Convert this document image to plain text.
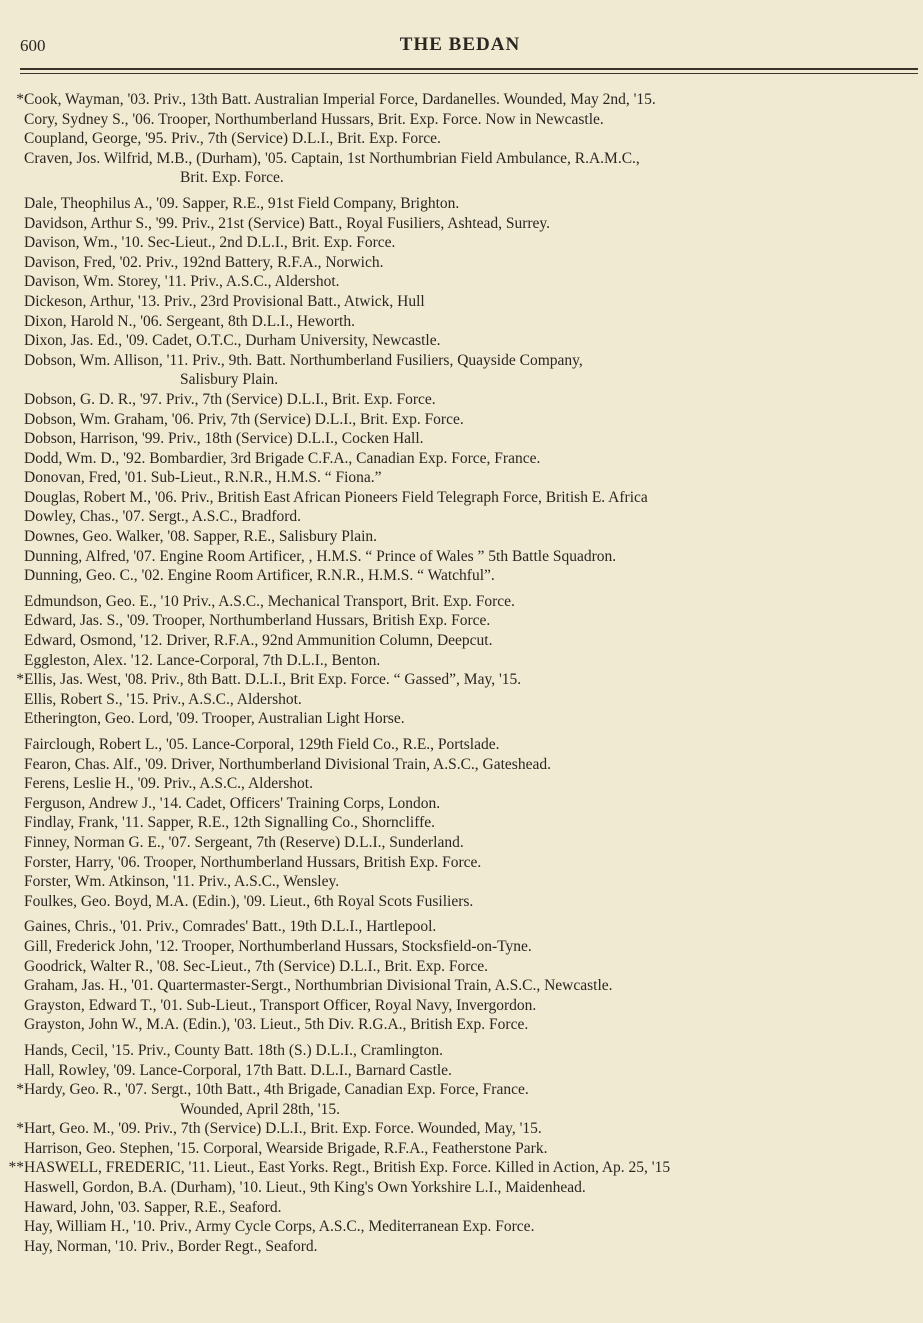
600	THE BEDAN
* Cook, Wayman, '03. Priv., 13th Batt. Australian Imperial Force, Dardanelles. Wounded, May 2nd, '15.
Cory, Sydney S., '06. Trooper, Northumberland Hussars, Brit. Exp. Force. Now in Newcastle.
Coupland, George, '95. Priv., 7th (Service) D.L.I., Brit. Exp. Force.
Craven, Jos. Wilfrid, M.B., (Durham), '05. Captain, 1st Northumbrian Field Ambulance, R.A.M.C.,
Brit. Exp. Force.
Dale, Theophilus A., '09. Sapper, R.E., 91st Field Company, Brighton.
Davidson, Arthur S., '99. Priv., 21st (Service) Batt., Royal Fusiliers, Ashtead, Surrey.
Davison, Wm., '10. Sec-Lieut., 2nd D.L.I., Brit. Exp. Force.
Davison, Fred, '02. Priv., 192nd Battery, R.F.A., Norwich.
Davison, Wm. Storey, '11. Priv., A.S.C., Aldershot.
Dickeson, Arthur, '13. Priv., 23rd Provisional Batt., Atwick, Hull
Dixon, Harold N., '06. Sergeant, 8th D.L.I., Heworth.
Dixon, Jas. Ed., '09. Cadet, O.T.C., Durham University, Newcastle.
Dobson, Wm. Allison, '11. Priv., 9th. Batt. Northumberland Fusiliers, Quayside Company,
Salisbury Plain.
Dobson, G. D. R., '97. Priv., 7th (Service) D.L.I., Brit. Exp. Force.
Dobson, Wm. Graham, '06. Priv, 7th (Service) D.L.I., Brit. Exp. Force.
Dobson, Harrison, '99. Priv., 18th (Service) D.L.I., Cocken Hall.
Dodd, Wm. D., '92. Bombardier, 3rd Brigade C.F.A., Canadian Exp. Force, France.
Donovan, Fred, '01. Sub-Lieut., R.N.R., H.M.S. “ Fiona.”
Douglas, Robert M., '06. Priv., British East African Pioneers Field Telegraph Force, British E. Africa
Dowley, Chas., '07. Sergt., A.S.C., Bradford.
Downes, Geo. Walker, '08. Sapper, R.E., Salisbury Plain.
Dunning, Alfred, '07. Engine Room Artificer, , H.M.S. “ Prince of Wales ” 5th Battle Squadron.
Dunning, Geo. C., '02. Engine Room Artificer, R.N.R., H.M.S. “ Watchful”.
Edmundson, Geo. E., '10 Priv., A.S.C., Mechanical Transport, Brit. Exp. Force.
Edward, Jas. S., '09. Trooper, Northumberland Hussars, British Exp. Force.
Edward, Osmond, '12. Driver, R.F.A., 92nd Ammunition Column, Deepcut.
Eggleston, Alex. '12. Lance-Corporal, 7th D.L.I., Benton.
* Ellis, Jas. West, '08. Priv., 8th Batt. D.L.I., Brit Exp. Force. “ Gassed”, May, '15.
Ellis, Robert S., '15. Priv., A.S.C., Aldershot.
Etherington, Geo. Lord, '09. Trooper, Australian Light Horse.
Fairclough, Robert L., '05. Lance-Corporal, 129th Field Co., R.E., Portslade.
Fearon, Chas. Alf., '09. Driver, Northumberland Divisional Train, A.S.C., Gateshead.
Ferens, Leslie H., '09. Priv., A.S.C., Aldershot.
Ferguson, Andrew J., '14. Cadet, Officers' Training Corps, London.
Findlay, Frank, '11. Sapper, R.E., 12th Signalling Co., Shorncliffe.
Finney, Norman G. E., '07. Sergeant, 7th (Reserve) D.L.I., Sunderland.
Forster, Harry, '06. Trooper, Northumberland Hussars, British Exp. Force.
Forster, Wm. Atkinson, '11. Priv., A.S.C., Wensley.
Foulkes, Geo. Boyd, M.A. (Edin.), '09. Lieut., 6th Royal Scots Fusiliers.
Gaines, Chris., '01. Priv., Comrades' Batt., 19th D.L.I., Hartlepool.
Gill, Frederick John, '12. Trooper, Northumberland Hussars, Stocksfield-on-Tyne.
Goodrick, Walter R., '08. Sec-Lieut., 7th (Service) D.L.I., Brit. Exp. Force.
Graham, Jas. H., '01. Quartermaster-Sergt., Northumbrian Divisional Train, A.S.C., Newcastle.
Grayston, Edward T., '01. Sub-Lieut., Transport Officer, Royal Navy, Invergordon.
Grayston, John W., M.A. (Edin.), '03. Lieut., 5th Div. R.G.A., British Exp. Force.
Hands, Cecil, '15. Priv., County Batt. 18th (S.) D.L.I., Cramlington.
Hall, Rowley, '09. Lance-Corporal, 17th Batt. D.L.I., Barnard Castle.
* Hardy, Geo. R., '07. Sergt., 10th Batt., 4th Brigade, Canadian Exp. Force, France.
Wounded, April 28th, '15.
* Hart, Geo. M., '09. Priv., 7th (Service) D.L.I., Brit. Exp. Force. Wounded, May, '15.
Harrison, Geo. Stephen, '15. Corporal, Wearside Brigade, R.F.A., Featherstone Park.
** HASWELL, FREDERIC, '11. Lieut., East Yorks. Regt., British Exp. Force. Killed in Action, Ap. 25, '15
Haswell, Gordon, B.A. (Durham), '10. Lieut., 9th King's Own Yorkshire L.I., Maidenhead.
Haward, John, '03. Sapper, R.E., Seaford.
Hay, William H., '10. Priv., Army Cycle Corps, A.S.C., Mediterranean Exp. Force.
Hay, Norman, '10. Priv., Border Regt., Seaford.
